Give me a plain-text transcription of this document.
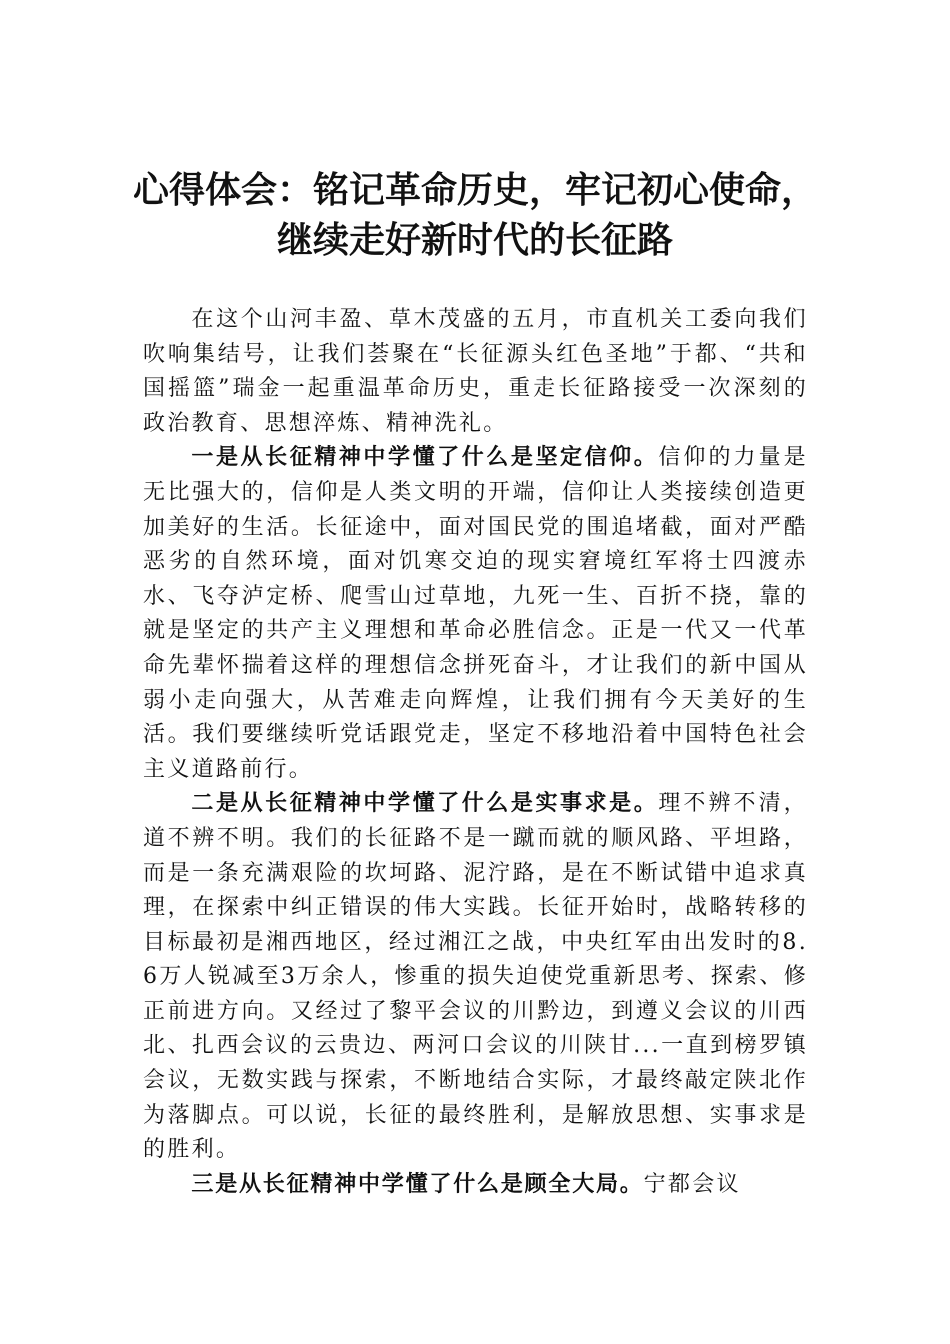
心得体会：铭记革命历史，牢记初心使命，
继续走好新时代的长征路

在这个山河丰盈、草木茂盛的五月，市直机关工委向我们吹响集结号，让我们荟聚在“长征源头红色圣地”于都、“共和国摇篮”瑞金一起重温革命历史，重走长征路接受一次深刻的政治教育、思想淬炼、精神洗礼。

一是从长征精神中学懂了什么是坚定信仰。信仰的力量是无比强大的，信仰是人类文明的开端，信仰让人类接续创造更加美好的生活。长征途中，面对国民党的围追堵截，面对严酷恶劣的自然环境，面对饥寒交迫的现实窘境红军将士四渡赤水、飞夺泸定桥、爬雪山过草地，九死一生、百折不挠，靠的就是坚定的共产主义理想和革命必胜信念。正是一代又一代革命先辈怀揣着这样的理想信念拼死奋斗，才让我们的新中国从弱小走向强大，从苦难走向辉煌，让我们拥有今天美好的生活。我们要继续听党话跟党走，坚定不移地沿着中国特色社会主义道路前行。

二是从长征精神中学懂了什么是实事求是。理不辨不清，道不辨不明。我们的长征路不是一蹴而就的顺风路、平坦路，而是一条充满艰险的坎坷路、泥泞路，是在不断试错中追求真理，在探索中纠正错误的伟大实践。长征开始时，战略转移的目标最初是湘西地区，经过湘江之战，中央红军由出发时的8.6万人锐减至3万余人，惨重的损失迫使党重新思考、探索、修正前进方向。又经过了黎平会议的川黔边，到遵义会议的川西北、扎西会议的云贵边、两河口会议的川陕甘...一直到榜罗镇会议，无数实践与探索，不断地结合实际，才最终敲定陕北作为落脚点。可以说，长征的最终胜利，是解放思想、实事求是的胜利。

三是从长征精神中学懂了什么是顾全大局。宁都会议
